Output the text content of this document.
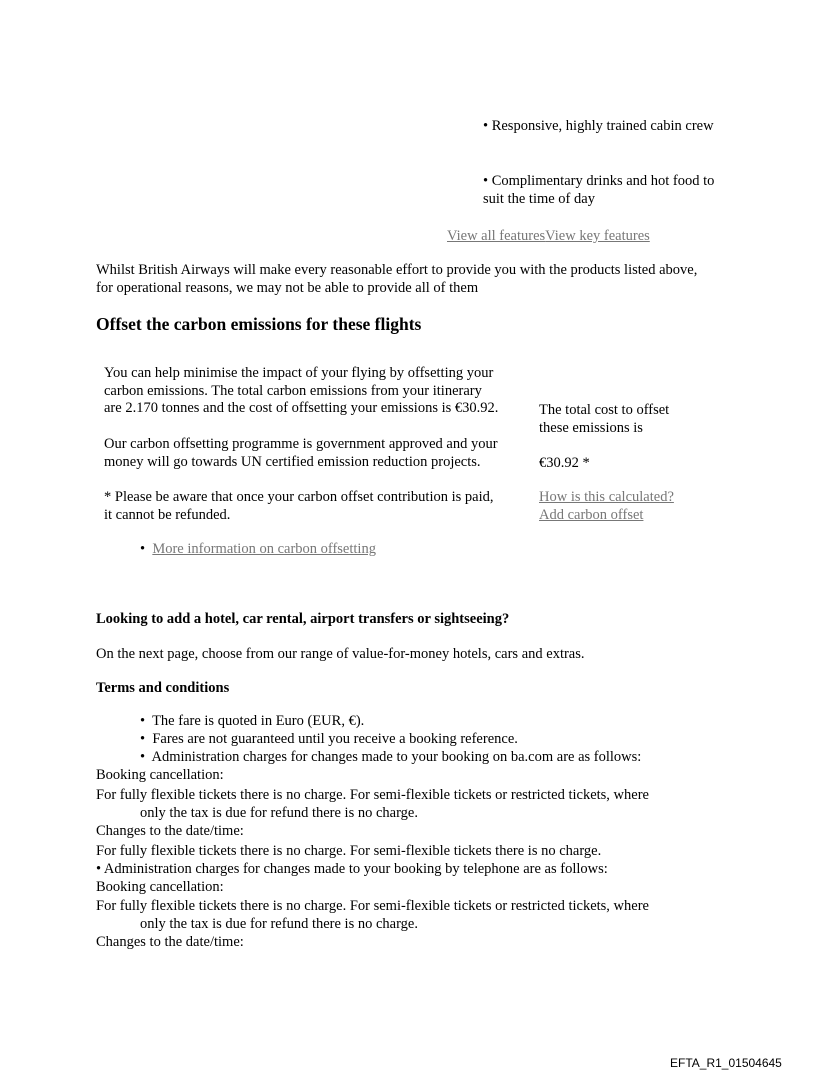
• Responsive, highly trained cabin crew
• Complimentary drinks and hot food to suit the time of day
View all featuresView key features
Whilst British Airways will make every reasonable effort to provide you with the products listed above, for operational reasons, we may not be able to provide all of them
Offset the carbon emissions for these flights
You can help minimise the impact of your flying by offsetting your
carbon emissions. The total carbon emissions from your itinerary
are 2.170 tonnes and the cost of offsetting your emissions is €30.92.
Our carbon offsetting programme is government approved and your
money will go towards UN certified emission reduction projects.
* Please be aware that once your carbon offset contribution is paid,
it cannot be refunded.
The total cost to offset
these emissions is
€30.92 *
How is this calculated?
Add carbon offset
• More information on carbon offsetting
Looking to add a hotel, car rental, airport transfers or sightseeing?
On the next page, choose from our range of value-for-money hotels, cars and extras.
Terms and conditions
• The fare is quoted in Euro (EUR, €).
• Fares are not guaranteed until you receive a booking reference.
• Administration charges for changes made to your booking on ba.com are as follows:
Booking cancellation:
For fully flexible tickets there is no charge. For semi-flexible tickets or restricted tickets, where
only the tax is due for refund there is no charge.
Changes to the date/time:
For fully flexible tickets there is no charge. For semi-flexible tickets there is no charge.
• Administration charges for changes made to your booking by telephone are as follows:
Booking cancellation:
For fully flexible tickets there is no charge. For semi-flexible tickets or restricted tickets, where
only the tax is due for refund there is no charge.
Changes to the date/time:
EFTA_R1_01504645
